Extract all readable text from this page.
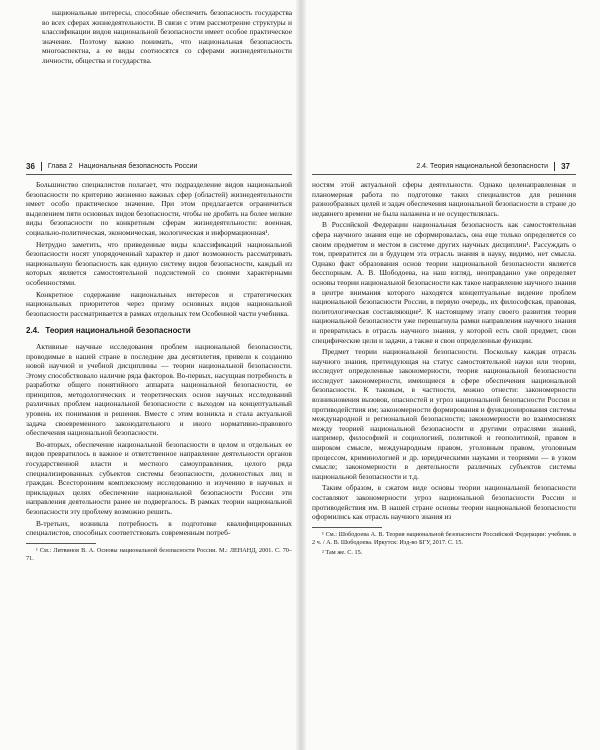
национальные интересы, способные обеспечить безопасность государства во всех сферах жизнедеятельности. В связи с этим рассмотрение структуры и классификации видов национальной безопасности имеет особое практическое значение. Поэтому важно понимать, что национальная безопасность многоаспектна, а ее виды соотносятся со сферами жизнедеятельности личности, общества и государства.

36 Глава 2 Национальная безопасность России

Большинство специалистов полагает, что подразделение видов национальной безопасности по критерию жизненно важных сфер (областей) жизнедеятельности имеет особо практическое значение. При этом предлагается ограничиться выделением пяти основных видов безопасности, чтобы не дробить на более мелкие виды безопасности по конкретным сферам жизнедеятельности: военная, социально-политическая, экономическая, экологическая и информационная¹.

Нетрудно заметить, что приведенные виды классификаций национальной безопасности носят упорядоченный характер и дают возможность рассматривать национальную безопасность как единую систему видов безопасности, каждый из которых является самостоятельной подсистемой со своими характерными особенностями.

Конкретное содержание национальных интересов и стратегических национальных приоритетов через призму основных видов национальной безопасности рассматривается в рамках отдельных тем Особенной части учебника.

2.4. Теория национальной безопасности

Активные научные исследования проблем национальной безопасности, проводимые в нашей стране в последние два десятилетия, привели к созданию новой научной и учебной дисциплины — теории национальной безопасности. Этому способствовало наличие ряда факторов. Во-первых, насущная потребность в разработке общего понятийного аппарата национальной безопасности, ее принципов, методологических и теоретических основ научных исследований различных проблем национальной безопасности с выходом на концептуальный уровень их понимания и решения. Вместе с этим возникла и стала актуальной задача своевременного законодательного и иного нормативно-правового обеспечения национальной безопасности.

Во-вторых, обеспечение национальной безопасности в целом и отдельных ее видов превратилось в важное и ответственное направление деятельности органов государственной власти и местного самоуправления, целого ряда специализированных субъектов системы безопасности, должностных лиц и граждан. Всесторонним комплексному исследованию и изучению в научных и прикладных целях обеспечение национальной безопасности России эти направления деятельности ранее не подвергалось. В рамках теории национальной безопасности эту проблему возможно решить.

В-третьих, возникла потребность в подготовке квалифицированных специалистов, способных соответствовать современным потреб-

¹ См.: Литвинов В. А. Основы национальной безопасности России. М.: ЛЕНАНД, 2001. С. 70–71.

2.4. Теория национальной безопасности 37

ностям этой актуальной сферы деятельности. Однако целенаправленная и планомерная работа по подготовке таких специалистов для решения разнообразных целей и задач обеспечения национальной безопасности в стране до недавнего времени не была налажена и не осуществлялась.

В Российской Федерации национальная безопасность как самостоятельная сфера научного знания еще не сформировалась, она еще только определяется со своим предметом и местом в системе других научных дисциплин¹. Рассуждать о том, превратится ли в будущем эта отрасль знания в науку, видимо, нет смысла. Однако факт образования основ теории национальной безопасности является бесспорным. А. В. Шободоева, на наш взгляд, неоправданно уже определяет основы теории национальной безопасности как такое направление научного знания в центре внимания которого находятся концептуальные видение проблем национальной безопасности России, в первую очередь, их философская, правовая, политологическая составляющие². К настоящему этапу своего развития теория национальной безопасности уже перешагнула рамки направления научного знания и превратилась в отрасль научного знания, у которой есть свой предмет, свои специфические цели и задачи, а также и свои определенные функции.

Предмет теории национальной безопасности. Поскольку каждая отрасль научного знания, претендующая на статус самостоятельной науки или теории, исследует определенные закономерности, теория национальной безопасности исследует закономерности, имеющиеся в сфере обеспечения национальной безопасности. К таковым, в частности, можно отнести: закономерности возникновения вызовов, опасностей и угроз национальной безопасности России и противодействия им; закономерности формирования и функционирования системы международной и региональной безопасности; закономерности во взаимосвязях между теорией национальной безопасности и другими отраслями знаний, например, философией и социологией, политикой и геополитикой, правом в широком смысле, международным правом, уголовным правом, уголовным процессом, криминологией и др. юридическими науками и теориями — в узком смысле; закономерности в деятельности различных субъектов системы национальной безопасности и т.д.

Таким образом, в сжатом виде основы теории национальной безопасности составляют закономерности угроз национальной безопасности России и противодействия им. В нашей стране основы теории национальной безопасности оформились как отрасль научного знания из

¹ См.: Шободоева А. В. Теория национальной безопасности Российской Федерации: учебник. в 2 ч. / А. В. Шободоева. Иркутск: Изд-во БГУ, 2017. С. 15.

² Там же. С. 15.
